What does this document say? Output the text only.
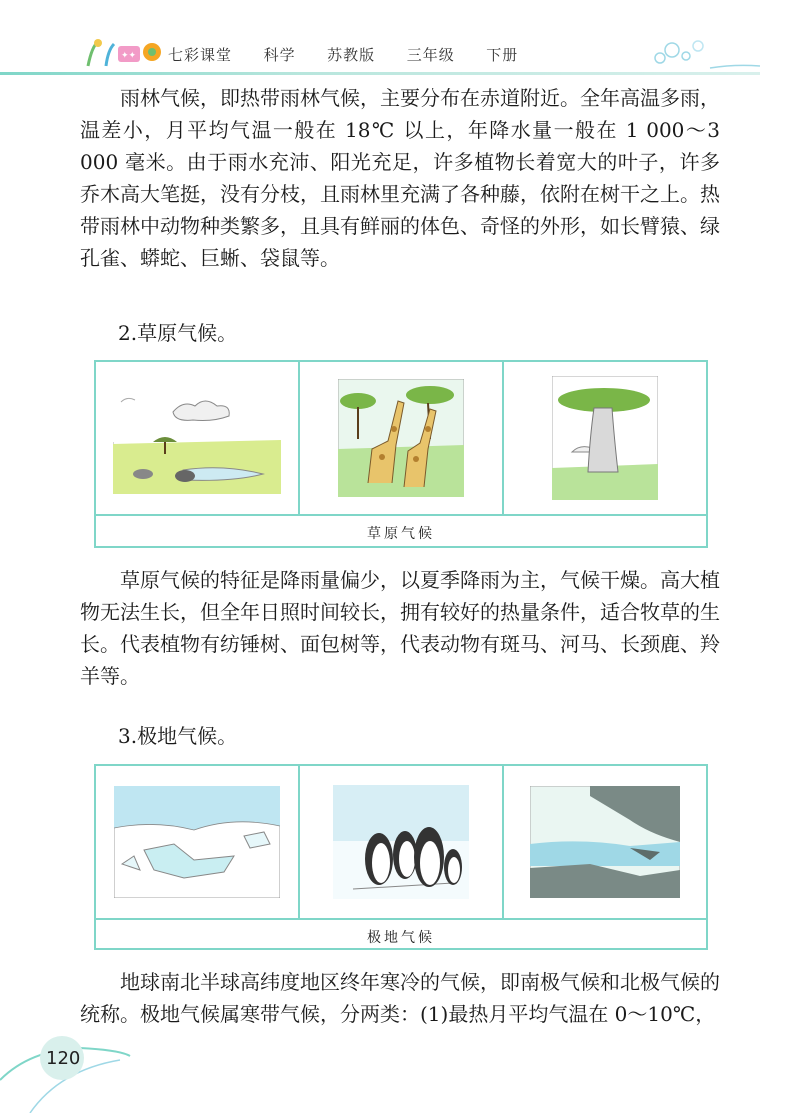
✦✦ 七彩课堂 科学 苏教版 三年级 下册
雨林气候，即热带雨林气候，主要分布在赤道附近。全年高温多雨，温差小，月平均气温一般在 18℃ 以上，年降水量一般在 1 000～3 000 毫米。由于雨水充沛、阳光充足，许多植物长着宽大的叶子，许多乔木高大笔挺，没有分枝，且雨林里充满了各种藤，依附在树干之上。热带雨林中动物种类繁多，且具有鲜丽的体色、奇怪的外形，如长臂猿、绿孔雀、蟒蛇、巨蜥、袋鼠等。
2.草原气候。
草原气候
草原气候的特征是降雨量偏少，以夏季降雨为主，气候干燥。高大植物无法生长，但全年日照时间较长，拥有较好的热量条件，适合牧草的生长。代表植物有纺锤树、面包树等，代表动物有斑马、河马、长颈鹿、羚羊等。
3.极地气候。
极地气候
地球南北半球高纬度地区终年寒冷的气候，即南极气候和北极气候的统称。极地气候属寒带气候，分两类：(1)最热月平均气温在 0～10℃，
120
